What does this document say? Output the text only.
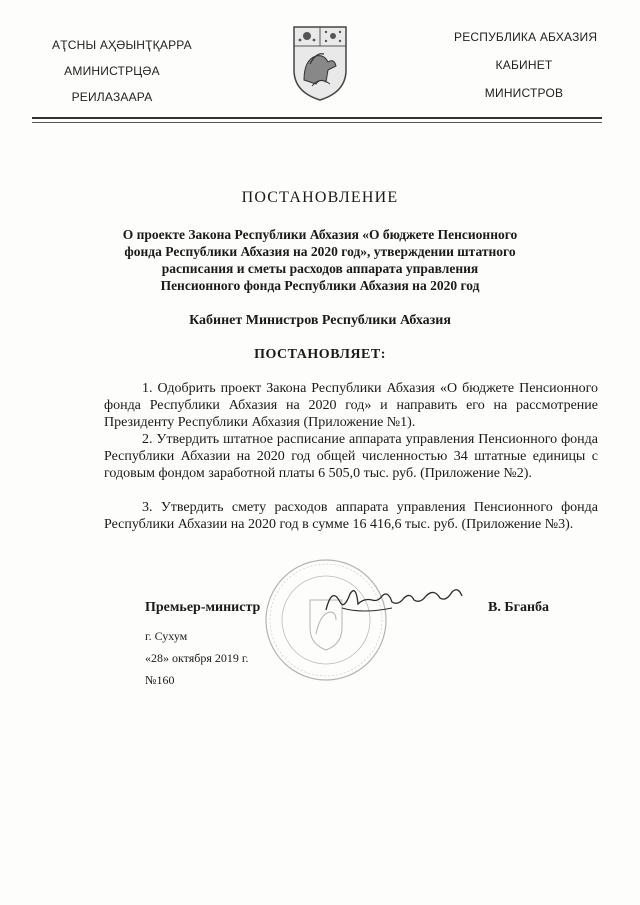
АҬСНЫ АҲӘЫНҬҚАРРА
АМИНИСТРЦӘА
РЕИЛАЗААРА
РЕСПУБЛИКА АБХАЗИЯ
КАБИНЕТ
МИНИСТРОВ
ПОСТАНОВЛЕНИЕ
О проекте Закона Республики Абхазия «О бюджете Пенсионного
фонда Республики Абхазия на 2020 год», утверждении штатного
расписания и сметы расходов аппарата управления
Пенсионного фонда Республики Абхазия на 2020 год
Кабинет Министров Республики Абхазия
ПОСТАНОВЛЯЕТ:
1. Одобрить проект Закона Республики Абхазия «О бюджете Пенсионного фонда Республики Абхазия на 2020 год» и направить его на рассмотрение Президенту Республики Абхазия (Приложение №1).
2. Утвердить штатное расписание аппарата управления Пенсионного фонда Республики Абхазии на 2020 год общей численностью 34 штатные единицы с годовым фондом заработной платы 6 505,0 тыс. руб. (Приложение №2).
3. Утвердить смету расходов аппарата управления Пенсионного фонда Республики Абхазии на 2020 год в сумме 16 416,6 тыс. руб. (Приложение №3).
Премьер-министр	В. Бганба
г. Сухум
«28» октября 2019 г.
№160
